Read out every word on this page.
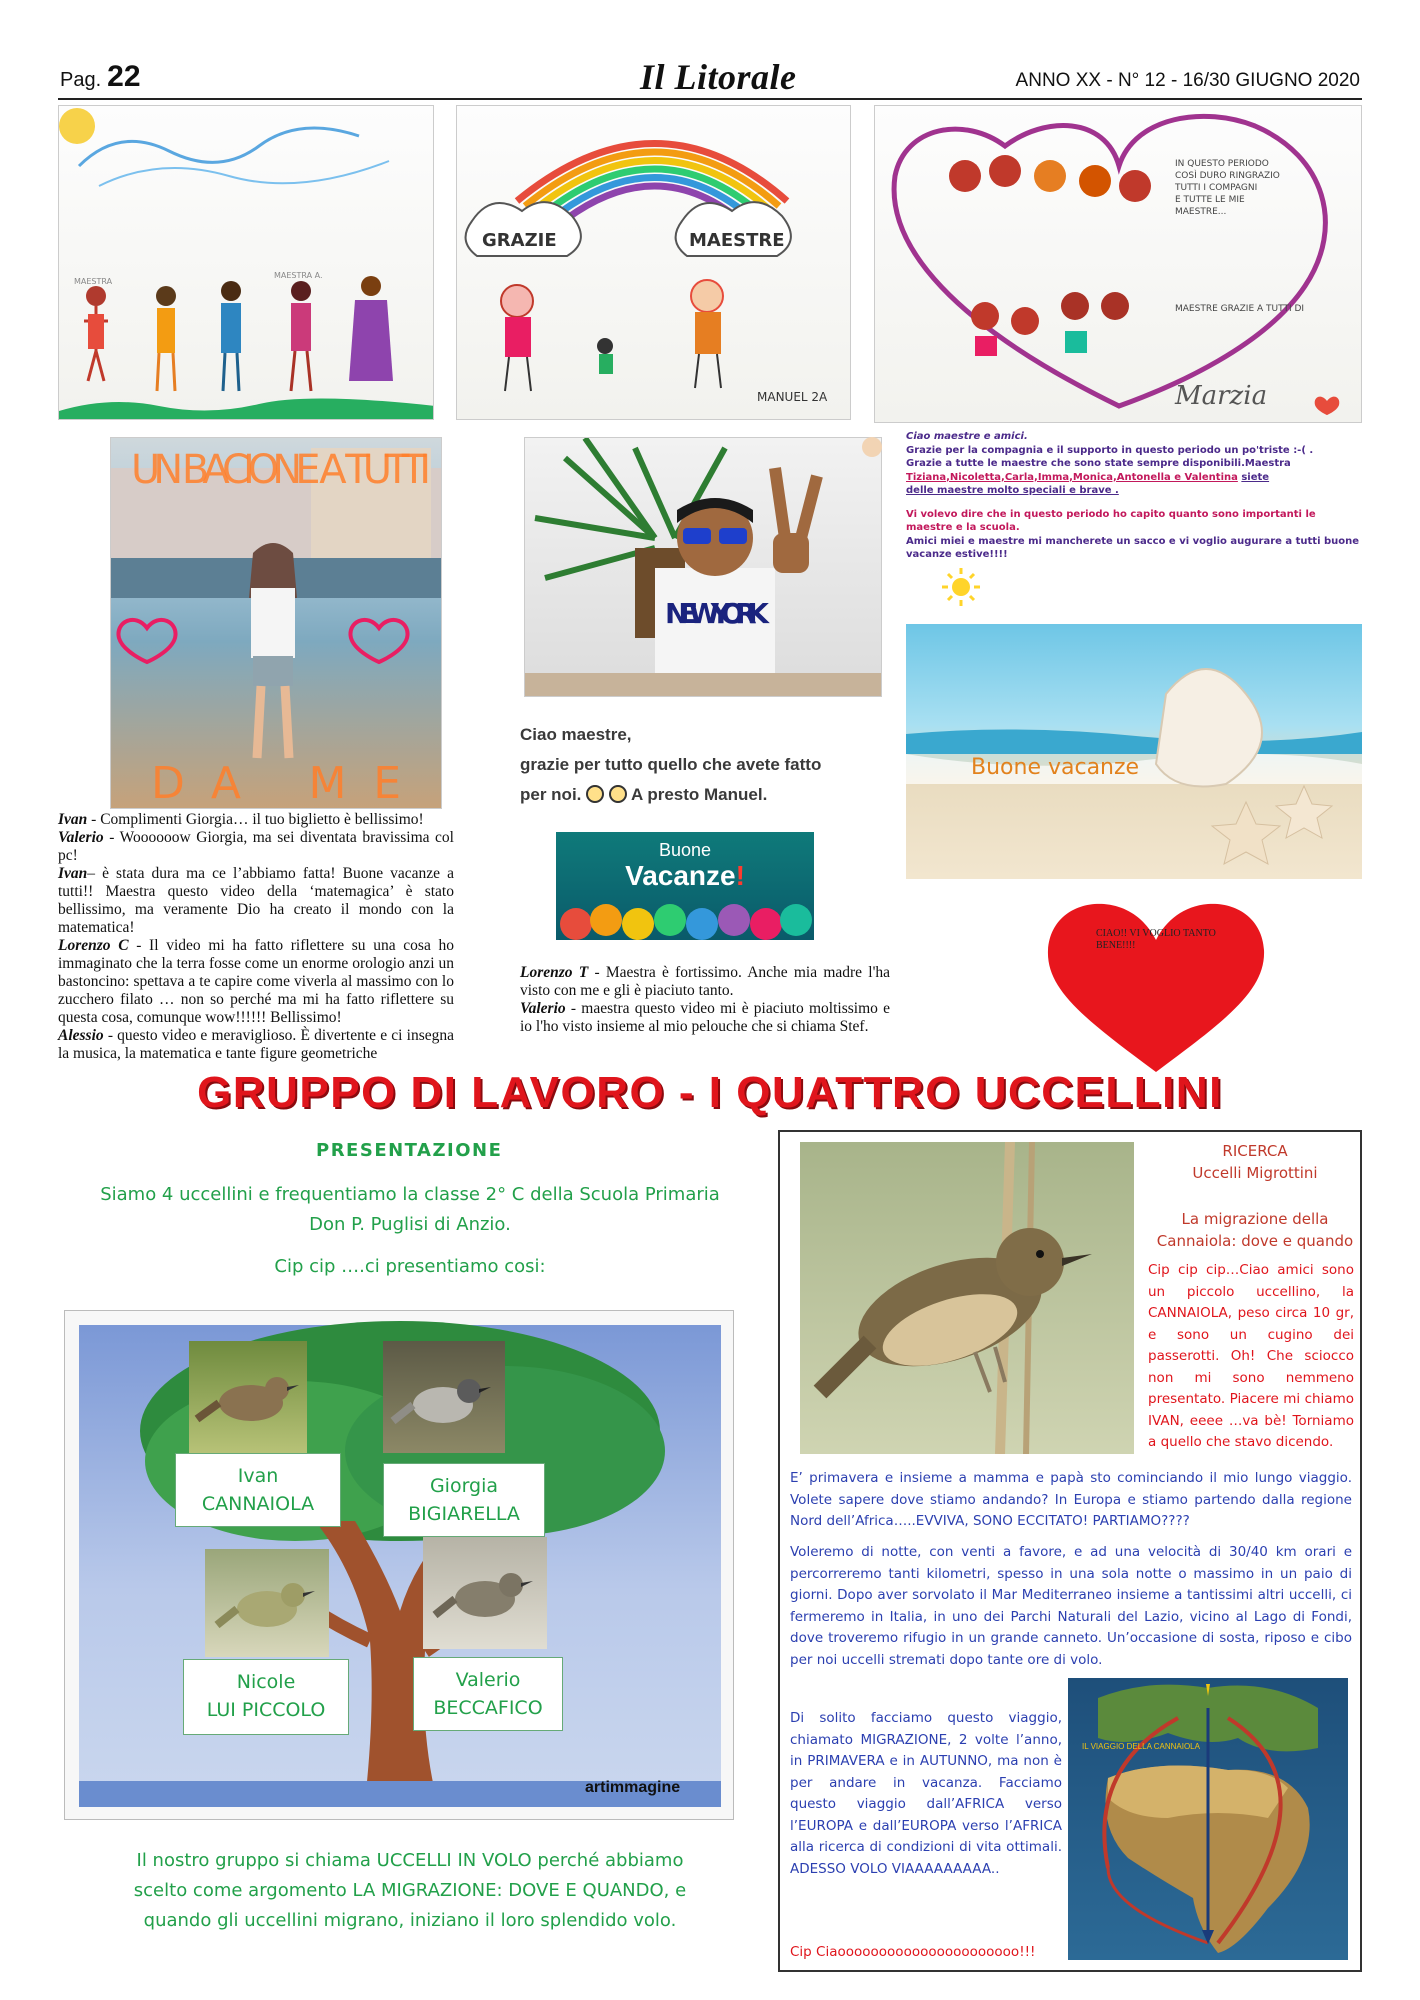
Pag. 22	Il Litorale	ANNO XX - N° 12 - 16/30 GIUGNO 2020
MAESTRA
MAESTRA A.
GRAZIE	MAESTRE
MANUEL 2A
IN QUESTO PERIODO COSÌ DURO RINGRAZIO TUTTI I COMPAGNI E TUTTE LE MIE MAESTRE...
MAESTRE GRAZIE A TUTTI DI
Marzia
UN BACIONE A TUTTI
DA ME
NEW YORK
Ciao maestre e amici.
Grazie per la compagnia e il supporto in questo periodo un po'triste :-( .
Grazie a tutte le maestre che sono state sempre disponibili.Maestra
Tiziana,Nicoletta,Carla,Imma,Monica,Antonella e Valentina siete
delle maestre molto speciali e brave .
Vi volevo dire che in questo periodo ho capito quanto sono importanti le maestre e la scuola.
Amici miei e maestre mi mancherete un sacco e vi voglio augurare a tutti buone vacanze estive!!!!
Buone vacanze
Ciao maestre,
grazie per tutto quello che avete fatto
per noi.	A presto Manuel.
Buone
Vacanze!
CIAO!! VI VOGLIO TANTO BENE!!!!
Ivan - Complimenti Giorgia… il tuo biglietto è bellissimo!
Valerio - Woooooow Giorgia, ma sei diventata bravissima col pc!
Ivan– è stata dura ma ce l’abbiamo fatta! Buone vacanze a tutti!! Maestra questo video della ‘matemagica’ è stato bellissimo, ma veramente Dio ha creato il mondo con la matematica!
Lorenzo C - Il video mi ha fatto riflettere su una cosa ho immaginato che la terra fosse come un enorme orologio anzi un bastoncino: spettava a te capire come viverla al massimo con lo zucchero filato … non so perché ma mi ha fatto riflettere su questa cosa, comunque wow!!!!!! Bellissimo!
Alessio - questo video e meraviglioso. È divertente e ci insegna la musica, la matematica e tante figure geometriche
Lorenzo T - Maestra è fortissimo. Anche mia madre l'ha visto con me e gli è piaciuto tanto.
Valerio - maestra questo video mi è piaciuto moltissimo e io l'ho visto insieme al mio pelouche che si chiama Stef.
GRUPPO DI LAVORO - I QUATTRO UCCELLINI
PRESENTAZIONE
Siamo 4 uccellini e frequentiamo la classe 2° C della Scuola Primaria
Don P. Puglisi di Anzio.
Cip cip ….ci presentiamo cosi:
Ivan
CANNAIOLA
Giorgia
BIGIARELLA
Nicole
LUI PICCOLO
Valerio
BECCAFICO
artimmagine
Il nostro gruppo si chiama UCCELLI IN VOLO perché abbiamo
scelto come argomento LA MIGRAZIONE: DOVE E QUANDO, e
quando gli uccellini migrano, iniziano il loro splendido volo.
RICERCA
Uccelli Migrottini
La migrazione della Cannaiola: dove e quando
Cip cip cip…Ciao amici sono un piccolo uccellino, la CANNAIOLA, peso circa 10 gr, e sono un cugino dei passerotti. Oh! Che sciocco non mi sono nemmeno presentato. Piacere mi chiamo IVAN, eeee …va bè! Torniamo a quello che stavo dicendo.
E’ primavera e insieme a mamma e papà sto cominciando il mio lungo viaggio. Volete sapere dove stiamo andando? In Europa e stiamo partendo dalla regione Nord dell’Africa…..EVVIVA, SONO ECCITATO! PARTIAMO????
Voleremo di notte, con venti a favore, e ad una velocità di 30/40 km orari e percorreremo tanti kilometri, spesso in una sola notte o massimo in un paio di giorni. Dopo aver sorvolato il Mar Mediterraneo insieme a tantissimi altri uccelli, ci fermeremo in Italia, in uno dei Parchi Naturali del Lazio, vicino al Lago di Fondi, dove troveremo rifugio in un grande canneto. Un’occasione di sosta, riposo e cibo per noi uccelli stremati dopo tante ore di volo.
Di solito facciamo questo viaggio, chiamato MIGRAZIONE, 2 volte l’anno, in PRIMAVERA e in AUTUNNO, ma non è per andare in vacanza. Facciamo questo viaggio dall’AFRICA verso l’EUROPA e dall’EUROPA verso l’AFRICA alla ricerca di condizioni di vita ottimali. ADESSO VOLO VIAAAAAAAAA..
Cip Ciaoooooooooooooooooooooo!!!
IL VIAGGIO DELLA CANNAIOLA
